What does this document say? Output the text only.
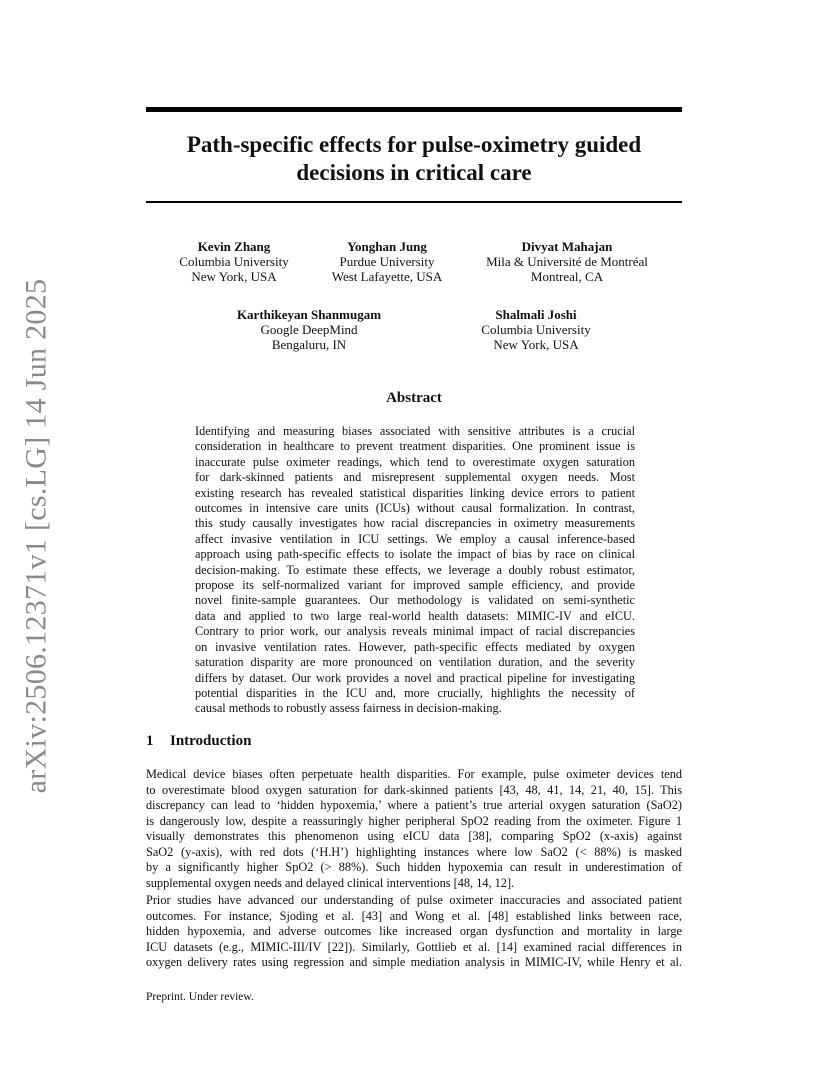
arXiv:2506.12371v1 [cs.LG] 14 Jun 2025
Path-specific effects for pulse-oximetry guided
decisions in critical care
Kevin Zhang
Columbia University
New York, USA
Yonghan Jung
Purdue University
West Lafayette, USA
Divyat Mahajan
Mila & Université de Montréal
Montreal, CA
Karthikeyan Shanmugam
Google DeepMind
Bengaluru, IN
Shalmali Joshi
Columbia University
New York, USA
Abstract
Identifying and measuring biases associated with sensitive attributes is a crucial
consideration in healthcare to prevent treatment disparities. One prominent issue is
inaccurate pulse oximeter readings, which tend to overestimate oxygen saturation
for dark-skinned patients and misrepresent supplemental oxygen needs. Most
existing research has revealed statistical disparities linking device errors to patient
outcomes in intensive care units (ICUs) without causal formalization. In contrast,
this study causally investigates how racial discrepancies in oximetry measurements
affect invasive ventilation in ICU settings. We employ a causal inference-based
approach using path-specific effects to isolate the impact of bias by race on clinical
decision-making. To estimate these effects, we leverage a doubly robust estimator,
propose its self-normalized variant for improved sample efficiency, and provide
novel finite-sample guarantees. Our methodology is validated on semi-synthetic
data and applied to two large real-world health datasets: MIMIC-IV and eICU.
Contrary to prior work, our analysis reveals minimal impact of racial discrepancies
on invasive ventilation rates. However, path-specific effects mediated by oxygen
saturation disparity are more pronounced on ventilation duration, and the severity
differs by dataset. Our work provides a novel and practical pipeline for investigating
potential disparities in the ICU and, more crucially, highlights the necessity of
causal methods to robustly assess fairness in decision-making.
1 Introduction
Medical device biases often perpetuate health disparities. For example, pulse oximeter devices tend
to overestimate blood oxygen saturation for dark-skinned patients [43, 48, 41, 14, 21, 40, 15]. This
discrepancy can lead to ‘hidden hypoxemia,’ where a patient’s true arterial oxygen saturation (SaO2)
is dangerously low, despite a reassuringly higher peripheral SpO2 reading from the oximeter. Figure 1
visually demonstrates this phenomenon using eICU data [38], comparing SpO2 (x-axis) against
SaO2 (y-axis), with red dots (‘H.H’) highlighting instances where low SaO2 (< 88%) is masked
by a significantly higher SpO2 (> 88%). Such hidden hypoxemia can result in underestimation of
supplemental oxygen needs and delayed clinical interventions [48, 14, 12].
Prior studies have advanced our understanding of pulse oximeter inaccuracies and associated patient
outcomes. For instance, Sjoding et al. [43] and Wong et al. [48] established links between race,
hidden hypoxemia, and adverse outcomes like increased organ dysfunction and mortality in large
ICU datasets (e.g., MIMIC-III/IV [22]). Similarly, Gottlieb et al. [14] examined racial differences in
oxygen delivery rates using regression and simple mediation analysis in MIMIC-IV, while Henry et al.
Preprint. Under review.
